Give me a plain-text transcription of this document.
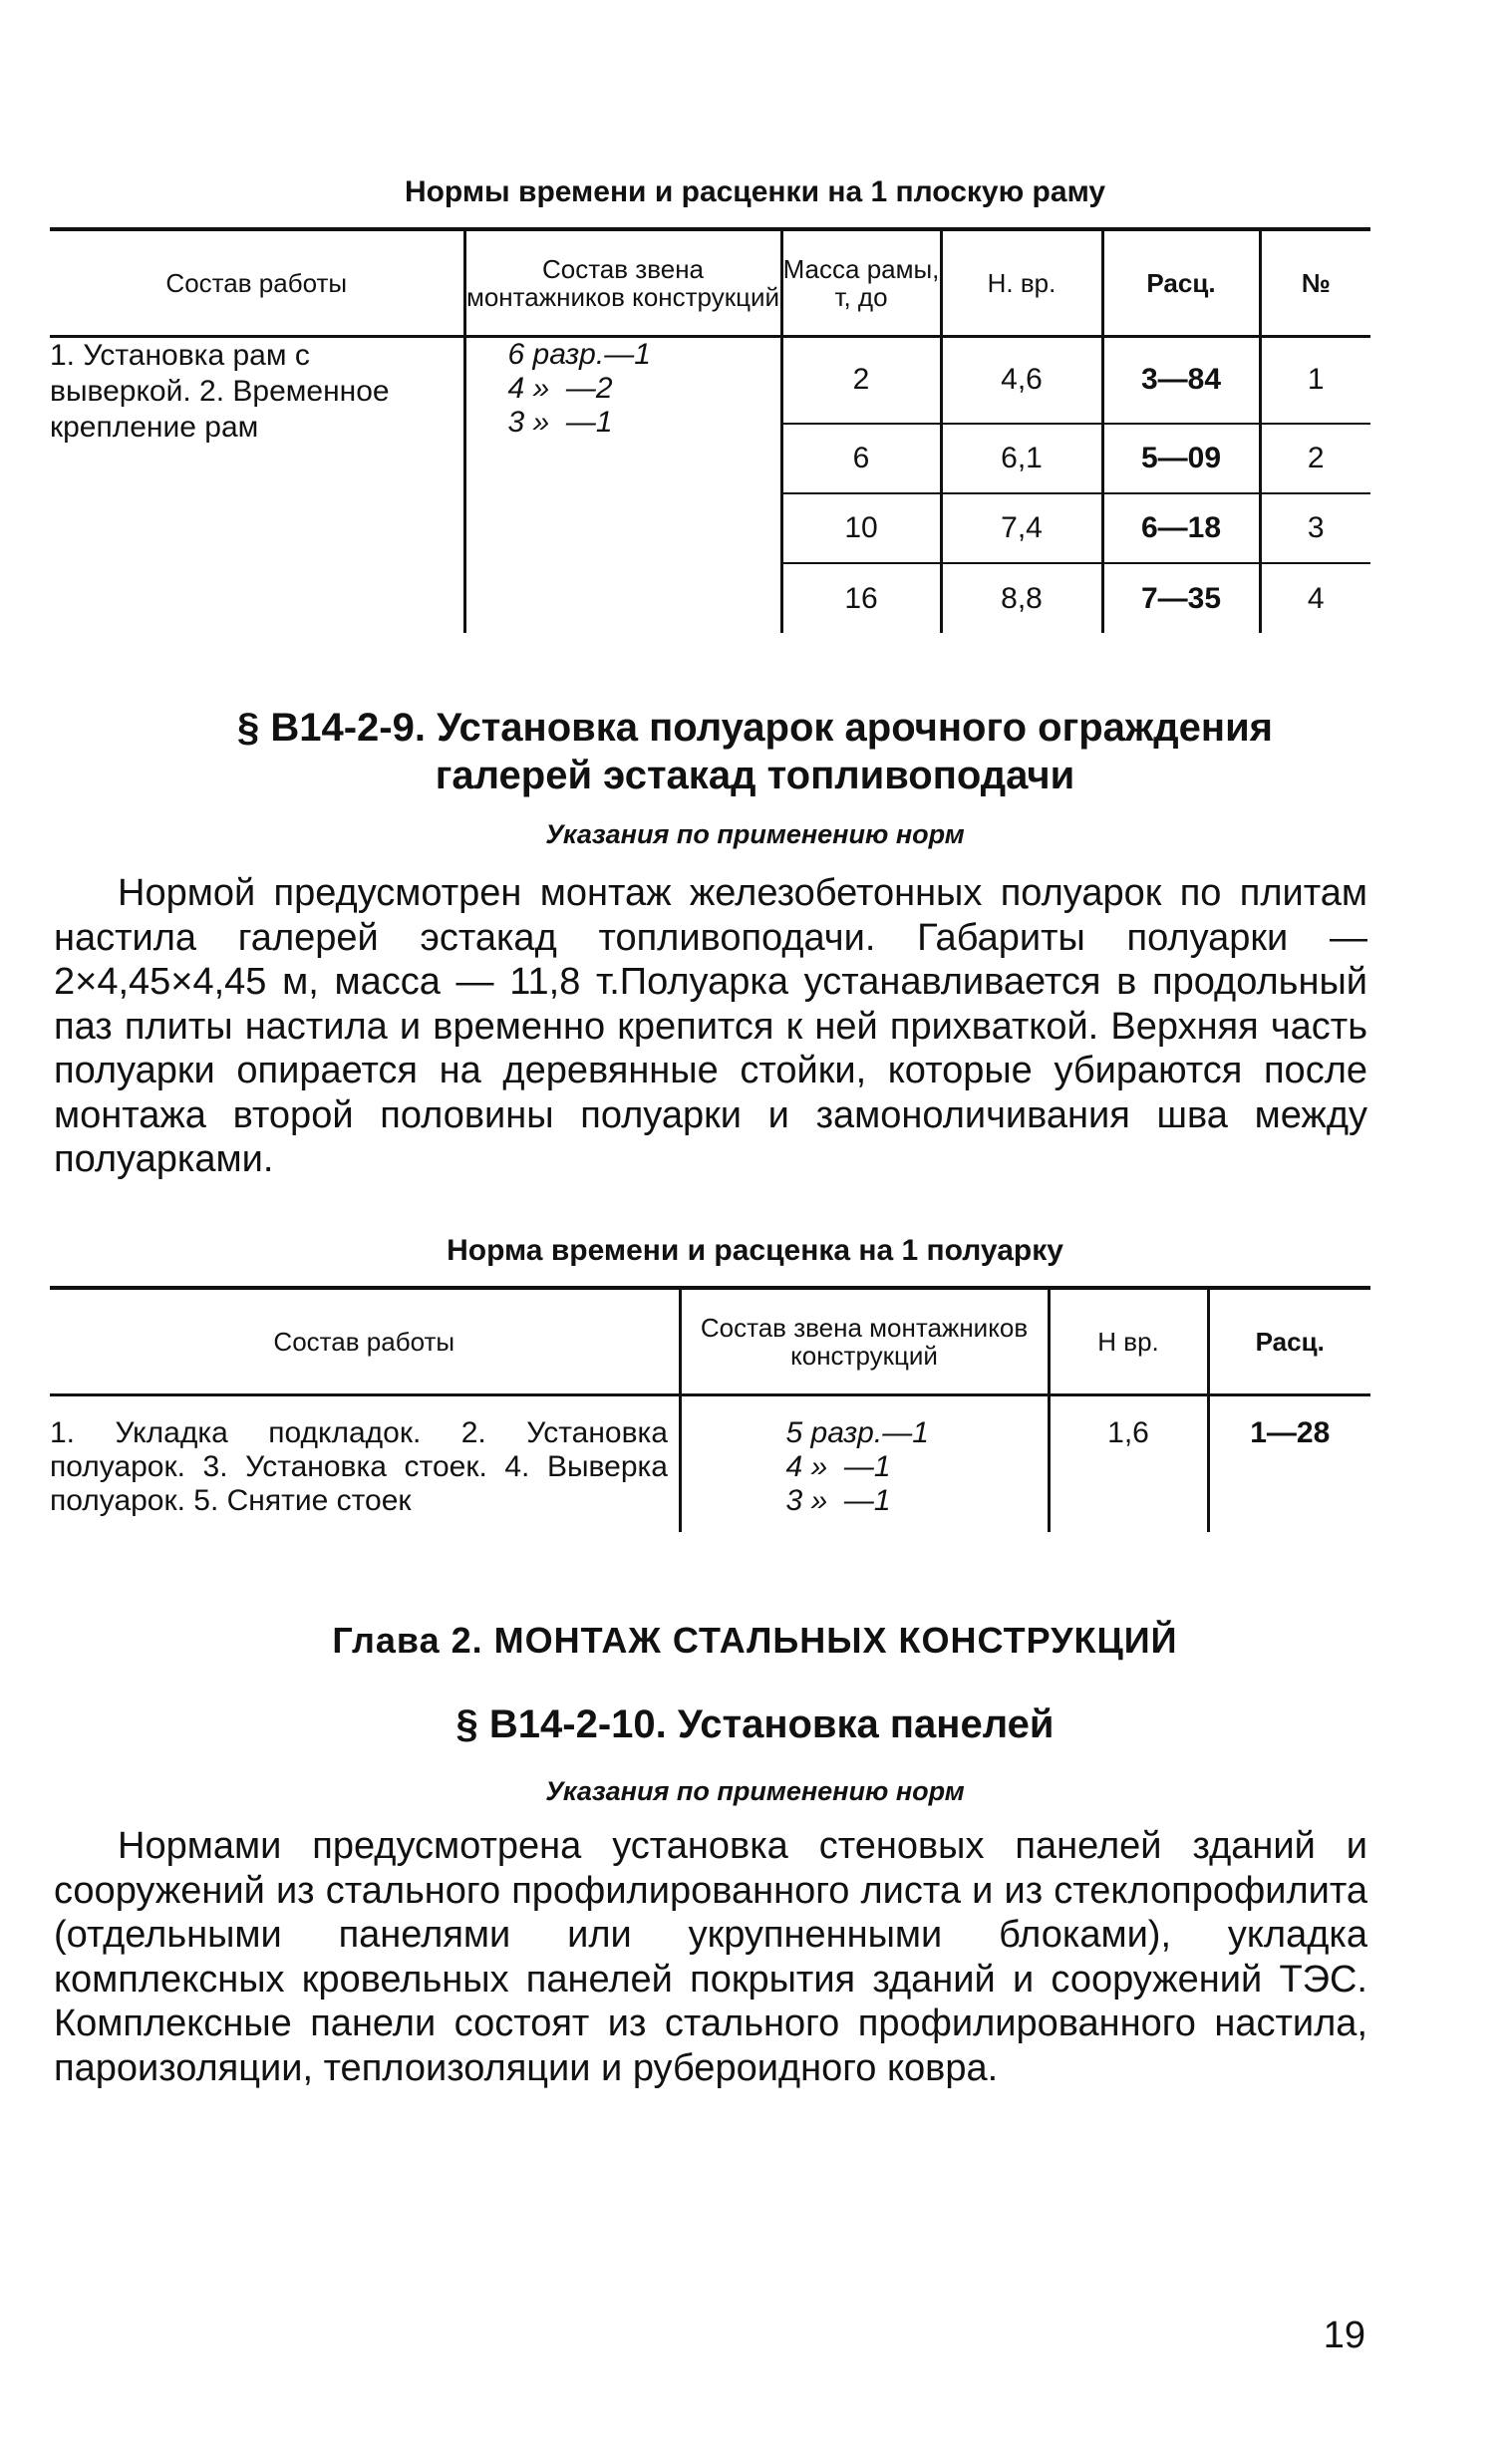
Нормы времени и расценки на 1 плоскую раму
Состав работы	Состав звена монтажников конструкций	Масса рамы, т, до	Н. вр.	Расц.	№

1. Установка рам с выверкой. 2. Временное крепление рам	6 разр.—1
4 »  —2
3 »  —1	2	4,6	3—84	1
		6	6,1	5—09	2
		10	7,4	6—18	3
		16	8,8	7—35	4
§ В14-2-9. Установка полуарок арочного ограждения галерей эстакад топливоподачи
Указания по применению норм
Нормой предусмотрен монтаж железобетонных полуарок по плитам настила галерей эстакад топливоподачи. Габариты полуарки — 2×4,45×4,45 м, масса — 11,8 т.Полуарка устанавливается в продольный паз плиты настила и временно крепится к ней прихваткой. Верхняя часть полуарки опирается на деревянные стойки, которые убираются после монтажа второй половины полуарки и замоноличивания шва между полуарками.
Норма времени и расценка на 1 полуарку
Состав работы	Состав звена монтажников конструкций	Н вр.	Расц.

1. Укладка подкладок. 2. Установка полуарок. 3. Установка стоек. 4. Выверка полуарок. 5. Снятие стоек	5 разр.—1
4 »  —1
3 »  —1	1,6	1—28
Глава 2. МОНТАЖ СТАЛЬНЫХ КОНСТРУКЦИЙ
§ В14-2-10. Установка панелей
Указания по применению норм
Нормами предусмотрена установка стеновых панелей зданий и сооружений из стального профилированного листа и из стеклопрофилита (отдельными панелями или укрупненными блоками), укладка комплексных кровельных панелей покрытия зданий и сооружений ТЭС. Комплексные панели состоят из стального профилированного настила, пароизоляции, теплоизоляции и рубероидного ковра.
19
